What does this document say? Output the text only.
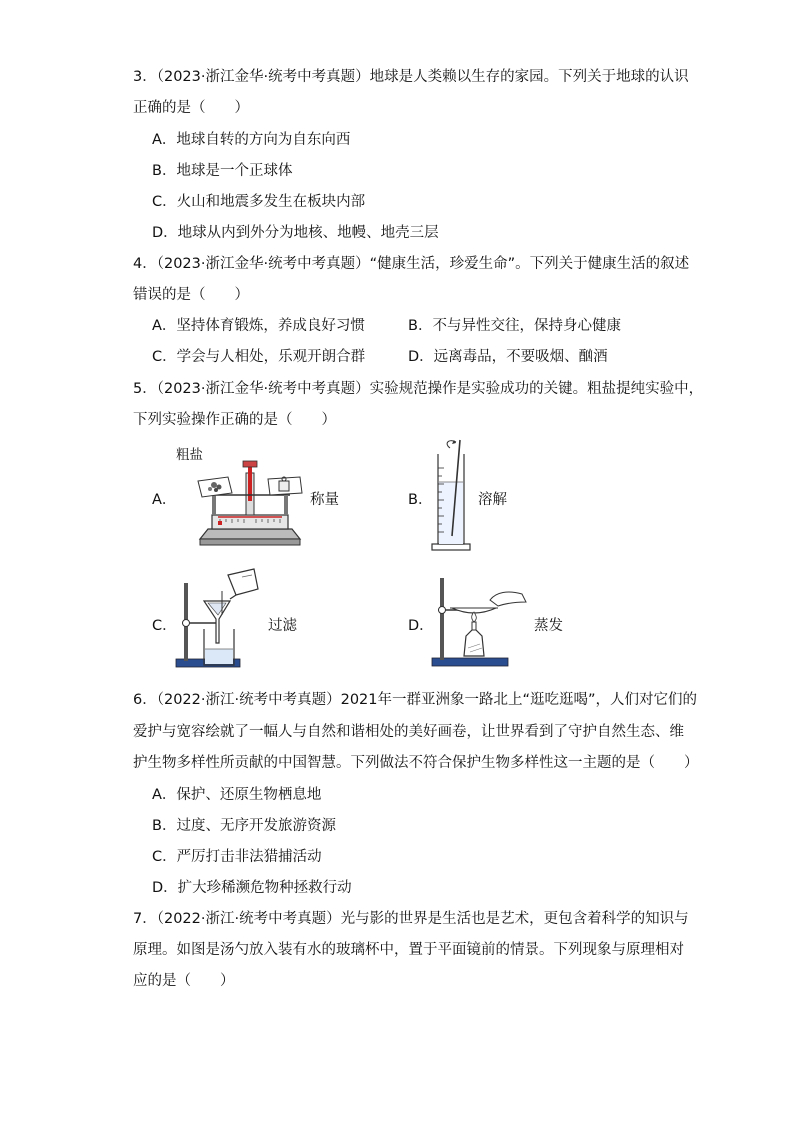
3．（2023·浙江金华·统考中考真题）地球是人类赖以生存的家园。下列关于地球的认识
正确的是（　　）
A．地球自转的方向为自东向西
B．地球是一个正球体
C．火山和地震多发生在板块内部
D．地球从内到外分为地核、地幔、地壳三层
4．（2023·浙江金华·统考中考真题）“健康生活，珍爱生命”。下列关于健康生活的叙述
错误的是（　　）
A．坚持体育锻炼，养成良好习惯	B．不与异性交往，保持身心健康
C．学会与人相处，乐观开朗合群	D．远离毒品，不要吸烟、酗酒
5．（2023·浙江金华·统考中考真题）实验规范操作是实验成功的关键。粗盐提纯实验中，
下列实验操作正确的是（　　）
A．
粗盐
称量	B．	溶解
C．	过滤	D．	蒸发
6．（2022·浙江·统考中考真题）2021年一群亚洲象一路北上“逛吃逛喝”，人们对它们的
爱护与宽容绘就了一幅人与自然和谐相处的美好画卷，让世界看到了守护自然生态、维
护生物多样性所贡献的中国智慧。下列做法不符合保护生物多样性这一主题的是（　　）
A．保护、还原生物栖息地
B．过度、无序开发旅游资源
C．严厉打击非法猎捕活动
D．扩大珍稀濒危物种拯救行动
7．（2022·浙江·统考中考真题）光与影的世界是生活也是艺术，更包含着科学的知识与
原理。如图是汤勺放入装有水的玻璃杯中，置于平面镜前的情景。下列现象与原理相对
应的是（　　）
